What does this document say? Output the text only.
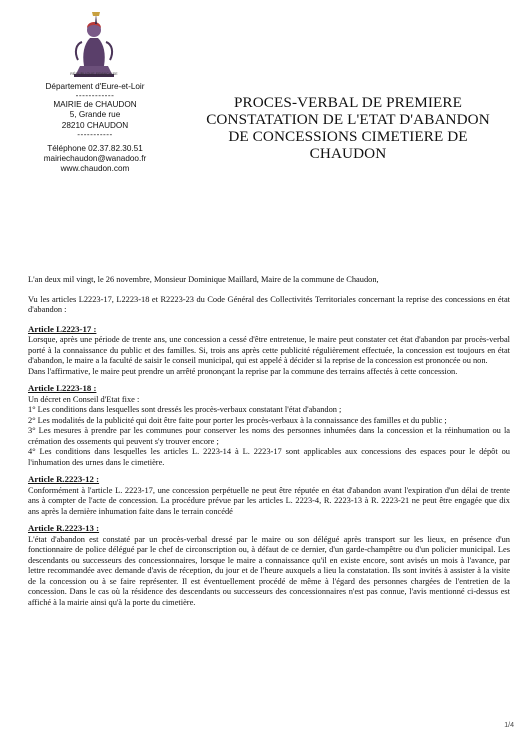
RÉPUBLIQUE FRANÇAISE
Département d'Eure-et-Loir
------------
MAIRIE de CHAUDON
5, Grande rue
28210 CHAUDON
-----------
Téléphone 02.37.82.30.51
mairiechaudon@wanadoo.fr
www.chaudon.com
PROCES-VERBAL DE PREMIERE
CONSTATATION DE L'ETAT D'ABANDON
DE CONCESSIONS CIMETIERE DE
CHAUDON

L'an deux mil vingt, le 26 novembre, Monsieur Dominique Maillard, Maire de la commune de Chaudon,

Vu les articles L2223-17, L2223-18 et R2223-23 du Code Général des Collectivités Territoriales concernant la reprise des concessions en état d'abandon :

Article L2223-17 :

Lorsque, après une période de trente ans, une concession a cessé d'être entretenue, le maire peut constater cet état d'abandon par procès-verbal porté à la connaissance du public et des familles. Si, trois ans après cette publicité régulièrement effectuée, la concession est toujours en état d'abandon, le maire a la faculté de saisir le conseil municipal, qui est appelé à décider si la reprise de la concession est prononcée ou non.

Dans l'affirmative, le maire peut prendre un arrêté prononçant la reprise par la commune des terrains affectés à cette concession.

Article L2223-18 :

Un décret en Conseil d'Etat fixe :

1° Les conditions dans lesquelles sont dressés les procès-verbaux constatant l'état d'abandon ;

2° Les modalités de la publicité qui doit être faite pour porter les procès-verbaux à la connaissance des familles et du public ;

3° Les mesures à prendre par les communes pour conserver les noms des personnes inhumées dans la concession et la réinhumation ou la crémation des ossements qui peuvent s'y trouver encore ;

4° Les conditions dans lesquelles les articles L. 2223-14 à L. 2223-17 sont applicables aux concessions des espaces pour le dépôt ou l'inhumation des urnes dans le cimetière.

Article R.2223-12 :

Conformément à l'article L. 2223-17, une concession perpétuelle ne peut être réputée en état d'abandon avant l'expiration d'un délai de trente ans à compter de l'acte de concession. La procédure prévue par les articles L. 2223-4, R. 2223-13 à R. 2223-21 ne peut être engagée que dix ans après la dernière inhumation faite dans le terrain concédé

Article R.2223-13 :

L'état d'abandon est constaté par un procès-verbal dressé par le maire ou son délégué après transport sur les lieux, en présence d'un fonctionnaire de police délégué par le chef de circonscription ou, à défaut de ce dernier, d'un garde-champêtre ou d'un policier municipal. Les descendants ou successeurs des concessionnaires, lorsque le maire a connaissance qu'il en existe encore, sont avisés un mois à l'avance, par lettre recommandée avec demande d'avis de réception, du jour et de l'heure auxquels a lieu la constatation. Ils sont invités à assister à la visite de la concession ou à se faire représenter. Il est éventuellement procédé de même à l'égard des personnes chargées de l'entretien de la concession. Dans le cas où la résidence des descendants ou successeurs des concessionnaires n'est pas connue, l'avis mentionné ci-dessus est affiché à la mairie ainsi qu'à la porte du cimetière.

1/4
